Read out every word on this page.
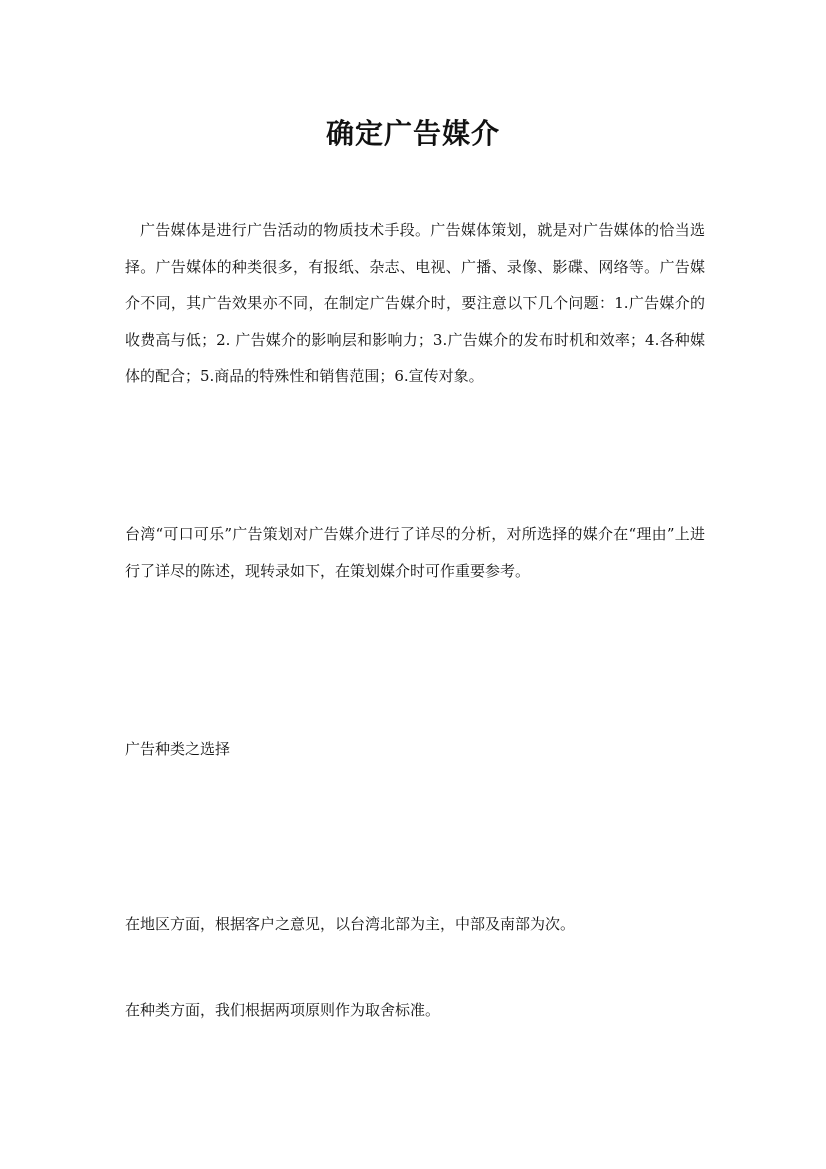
确定广告媒介

广告媒体是进行广告活动的物质技术手段。广告媒体策划，就是对广告媒体的恰当选择。广告媒体的种类很多，有报纸、杂志、电视、广播、录像、影碟、网络等。广告媒介不同，其广告效果亦不同，在制定广告媒介时，要注意以下几个问题：1.广告媒介的收费高与低；2. 广告媒介的影响层和影响力；3.广告媒介的发布时机和效率；4.各种媒体的配合；5.商品的特殊性和销售范围；6.宣传对象。

台湾“可口可乐”广告策划对广告媒介进行了详尽的分析，对所选择的媒介在“理由”上进行了详尽的陈述，现转录如下，在策划媒介时可作重要参考。

广告种类之选择

在地区方面，根据客户之意见，以台湾北部为主，中部及南部为次。

在种类方面，我们根据两项原则作为取舍标准。
